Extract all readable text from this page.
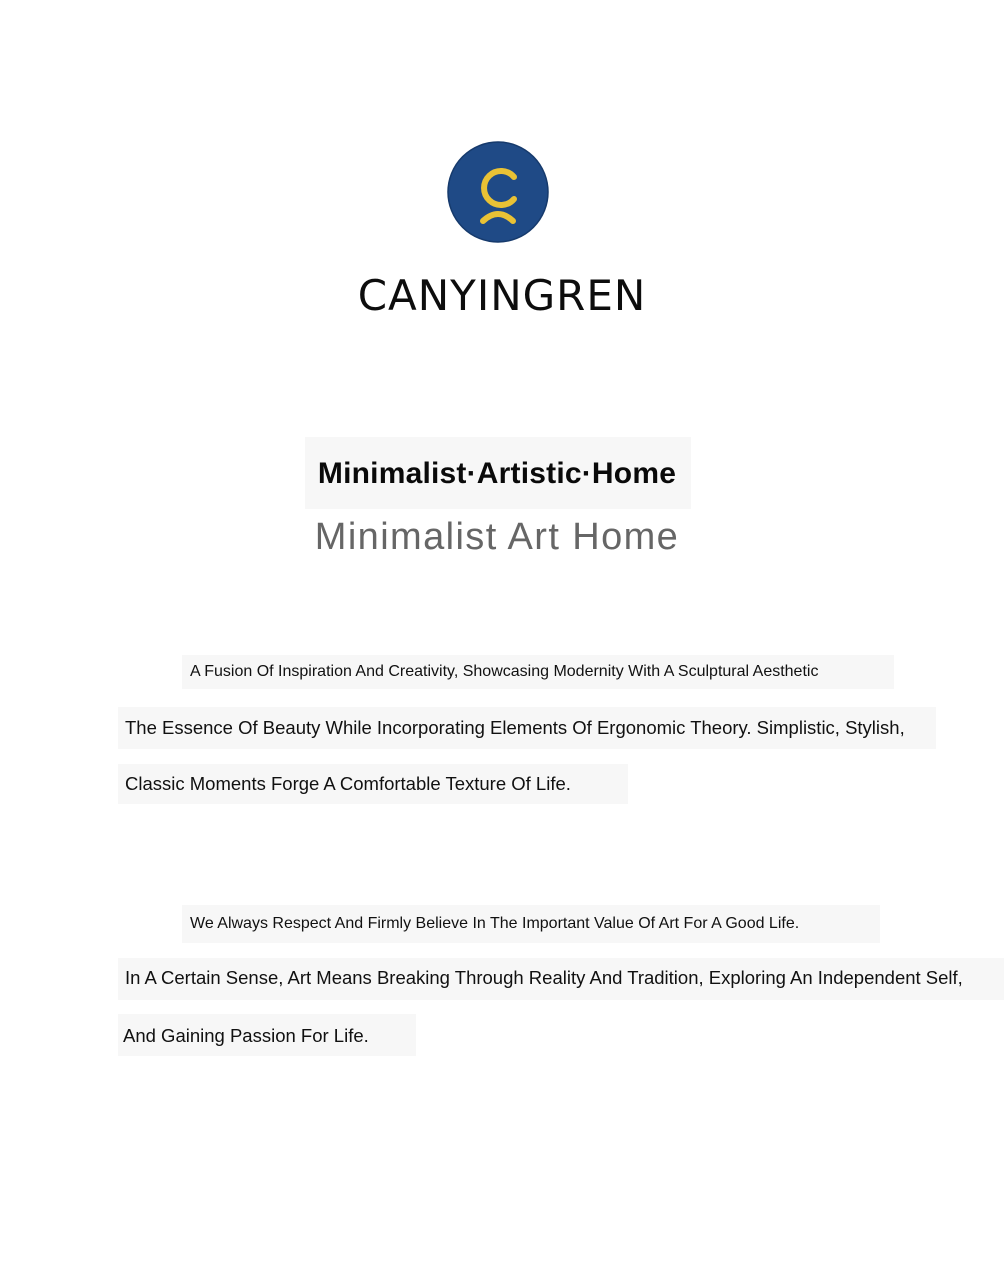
CANYINGREN
Minimalist·Artistic·Home
Minimalist Art Home
A Fusion Of Inspiration And Creativity, Showcasing Modernity With A Sculptural Aesthetic
The Essence Of Beauty While Incorporating Elements Of Ergonomic Theory. Simplistic, Stylish,
Classic Moments Forge A Comfortable Texture Of Life.
We Always Respect And Firmly Believe In The Important Value Of Art For A Good Life.
In A Certain Sense, Art Means Breaking Through Reality And Tradition, Exploring An Independent Self,
And Gaining Passion For Life.
